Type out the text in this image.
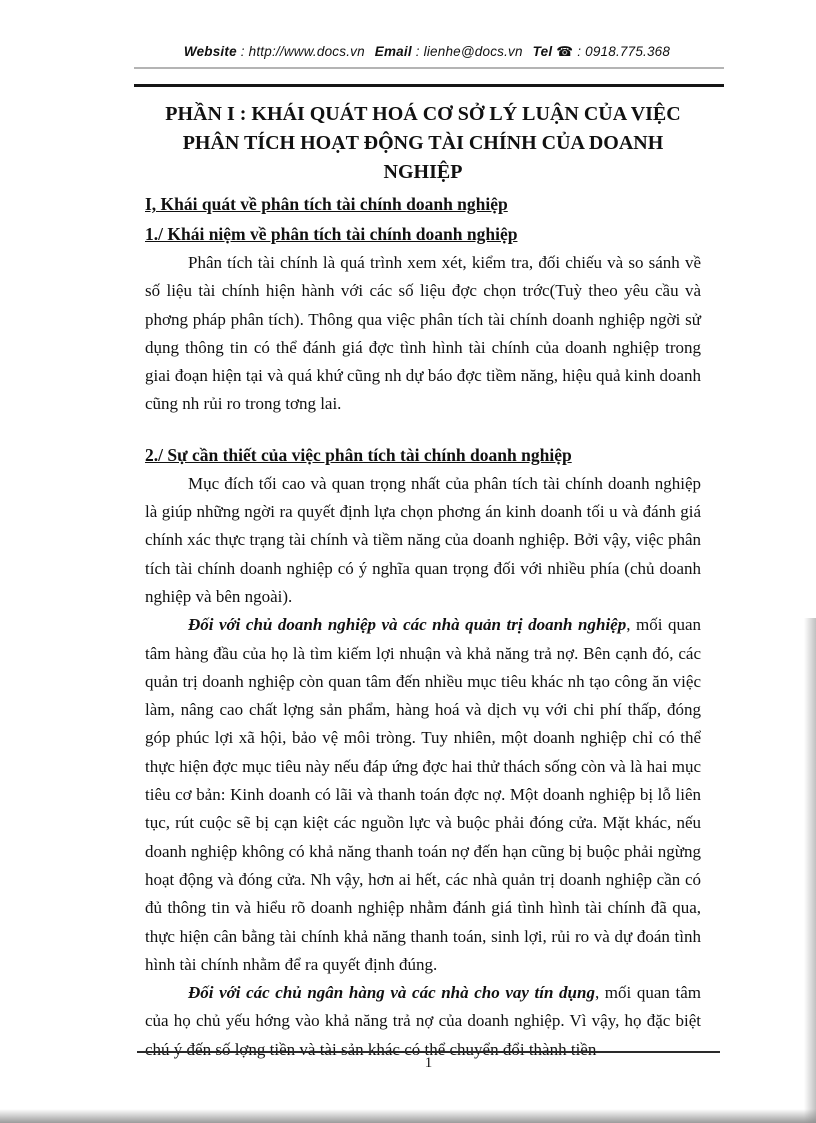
Website : http://www.docs.vn Email : lienhe@docs.vn Tel ☎ : 0918.775.368
PHẦN I : KHÁI QUÁT HOÁ CƠ SỞ LÝ LUẬN CỦA VIỆC PHÂN TÍCH HOẠT ĐỘNG TÀI CHÍNH CỦA DOANH NGHIỆP
I, Khái quát về phân tích tài chính doanh nghiệp
1./ Khái niệm về phân tích tài chính doanh nghiệp

Phân tích tài chính là quá trình xem xét, kiểm tra, đối chiếu và so sánh về số liệu tài chính hiện hành với các số liệu đợc chọn trớc(Tuỳ theo yêu cầu và phơng pháp phân tích). Thông qua việc phân tích tài chính doanh nghiệp ngời sử dụng thông tin có thể đánh giá đợc tình hình tài chính của doanh nghiệp trong giai đoạn hiện tại và quá khứ cũng nh dự báo đợc tiềm năng, hiệu quả kinh doanh cũng nh rủi ro trong tơng lai.

2./ Sự cần thiết của việc phân tích tài chính doanh nghiệp

Mục đích tối cao và quan trọng nhất của phân tích tài chính doanh nghiệp là giúp những ngời ra quyết định lựa chọn phơng án kinh doanh tối u và đánh giá chính xác thực trạng tài chính và tiềm năng của doanh nghiệp. Bởi vậy, việc phân tích tài chính doanh nghiệp có ý nghĩa quan trọng đối với nhiều phía (chủ doanh nghiệp và bên ngoài).

Đối với chủ doanh nghiệp và các nhà quản trị doanh nghiệp, mối quan tâm hàng đầu của họ là tìm kiếm lợi nhuận và khả năng trả nợ. Bên cạnh đó, các quản trị doanh nghiệp còn quan tâm đến nhiều mục tiêu khác nh tạo công ăn việc làm, nâng cao chất lợng sản phẩm, hàng hoá và dịch vụ với chi phí thấp, đóng góp phúc lợi xã hội, bảo vệ môi tròng. Tuy nhiên, một doanh nghiệp chỉ có thể thực hiện đợc mục tiêu này nếu đáp ứng đợc hai thử thách sống còn và là hai mục tiêu cơ bản: Kinh doanh có lãi và thanh toán đợc nợ. Một doanh nghiệp bị lỗ liên tục, rút cuộc sẽ bị cạn kiệt các nguồn lực và buộc phải đóng cửa. Mặt khác, nếu doanh nghiệp không có khả năng thanh toán nợ đến hạn cũng bị buộc phải ngừng hoạt động và đóng cửa. Nh vậy, hơn ai hết, các nhà quản trị doanh nghiệp cần có đủ thông tin và hiểu rõ doanh nghiệp nhằm đánh giá tình hình tài chính đã qua, thực hiện cân bằng tài chính khả năng thanh toán, sinh lợi, rủi ro và dự đoán tình hình tài chính nhằm để ra quyết định đúng.

Đối với các chủ ngân hàng và các nhà cho vay tín dụng, mối quan tâm của họ chủ yếu hớng vào khả năng trả nợ của doanh nghiệp. Vì vậy, họ đặc biệt chú ý đến số lợng tiền và tài sản khác có thể chuyển đổi thành tiền

1
